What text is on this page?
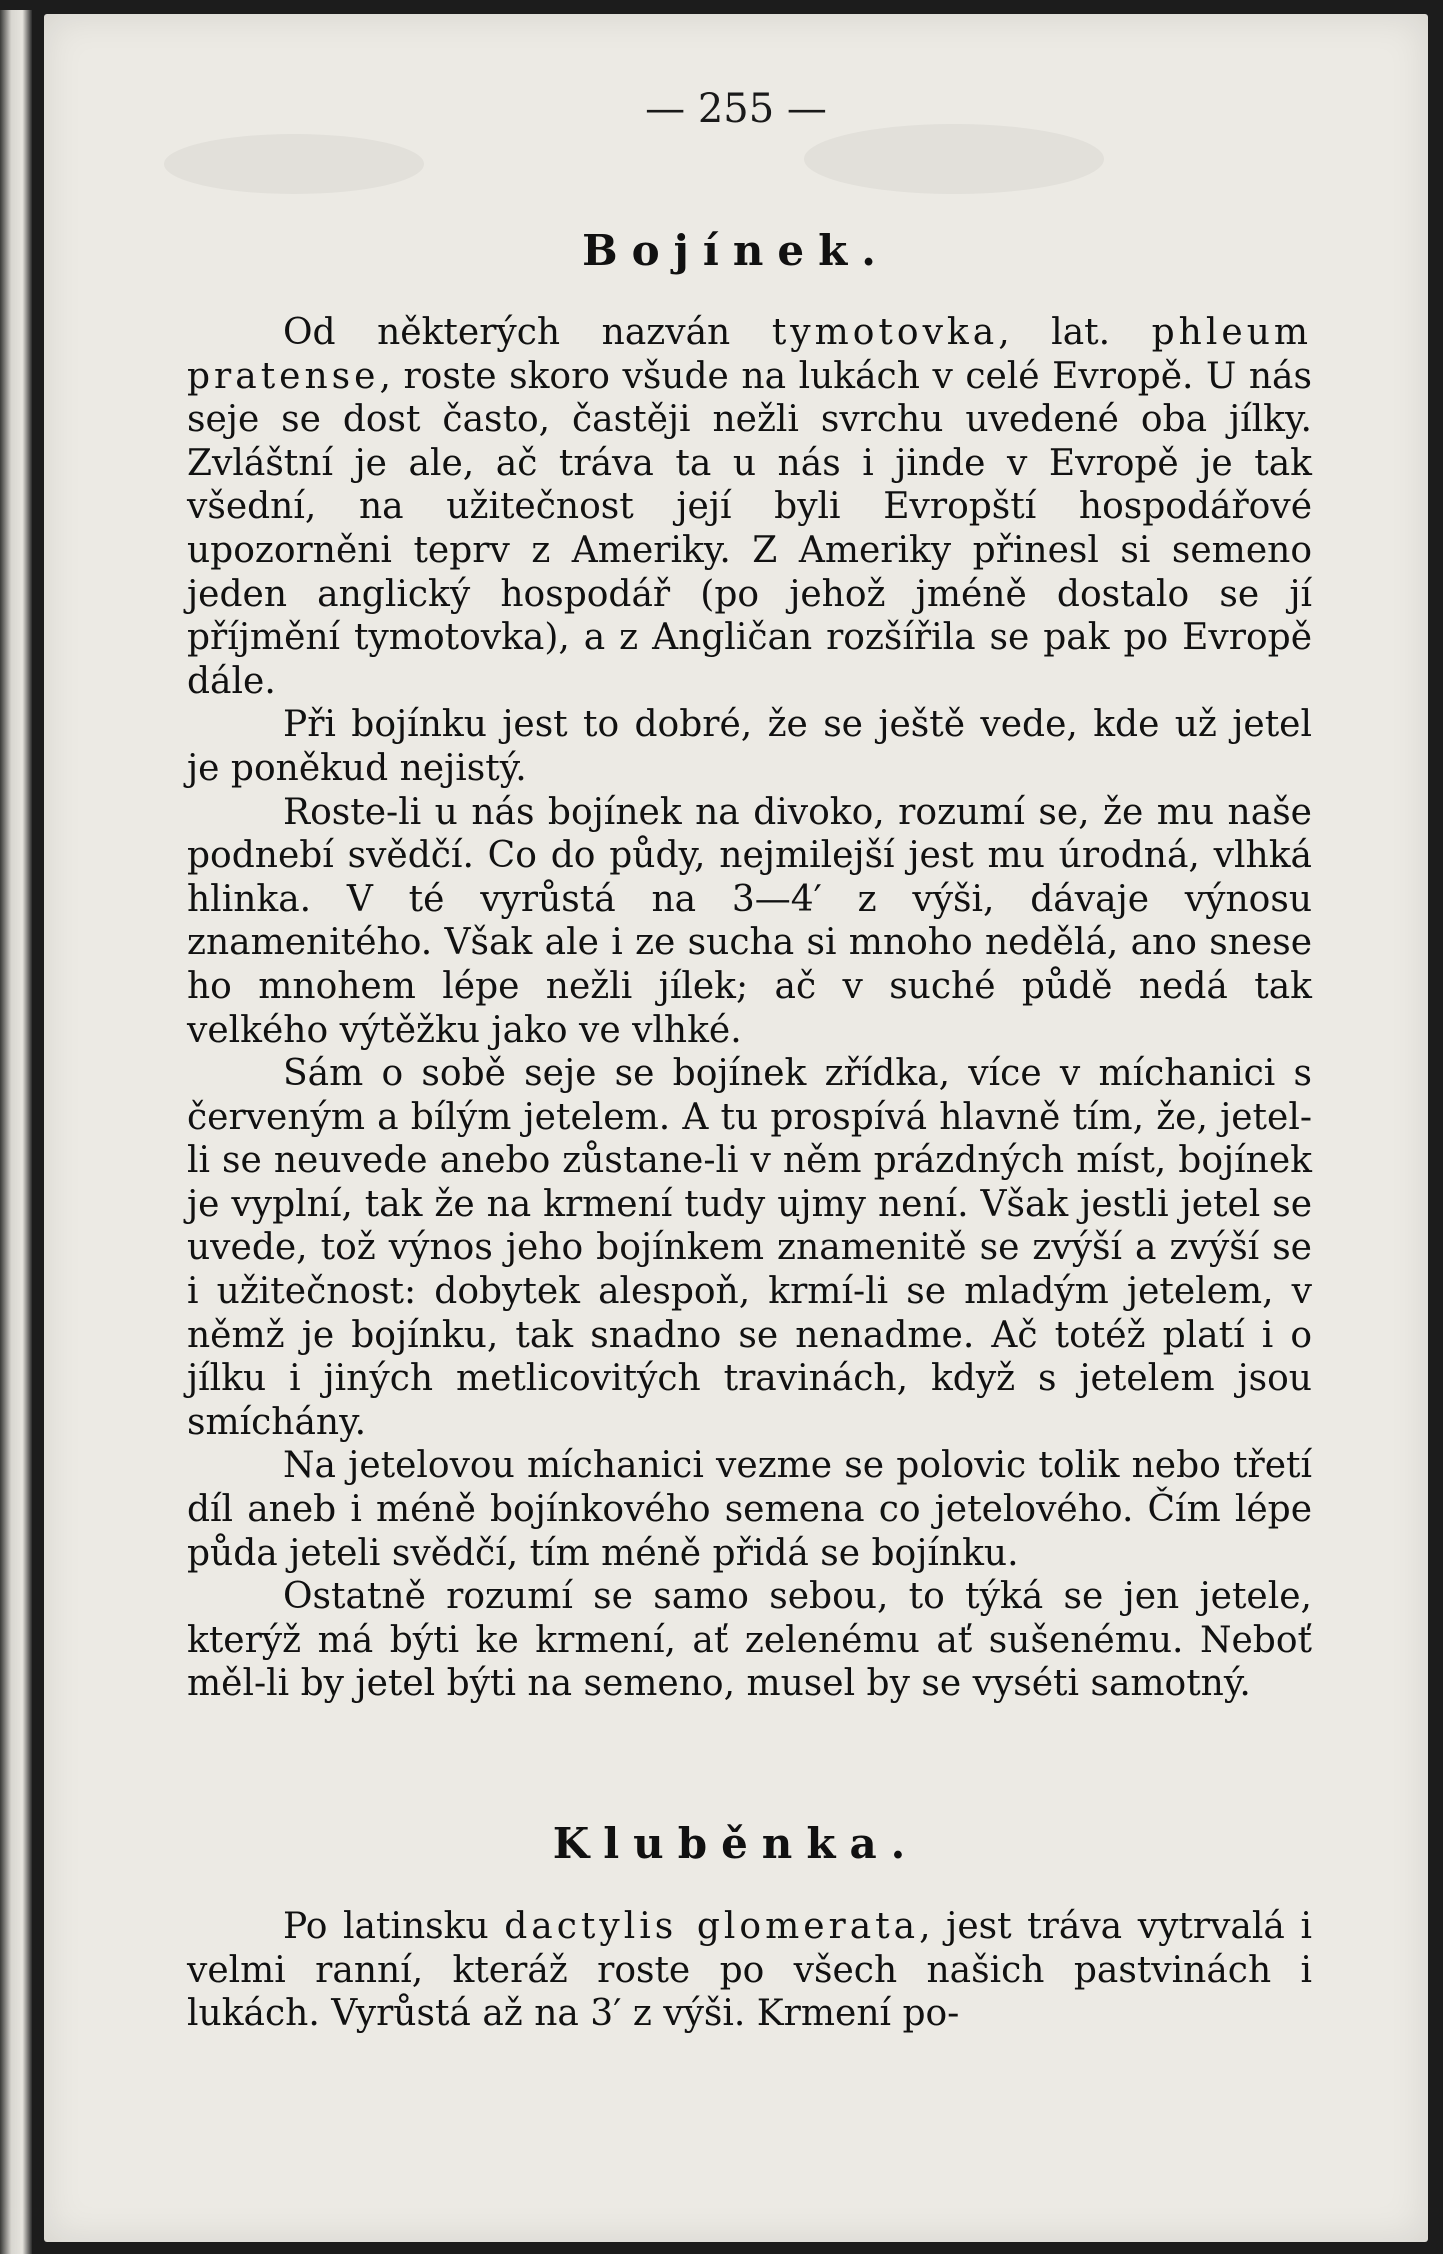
— 255 —
Bojínek.

Od některých nazván tymotovka, lat. phleum pratense, roste skoro všude na lukách v celé Evropě. U nás seje se dost často, častěji nežli svrchu uvedené oba jílky. Zvláštní je ale, ač tráva ta u nás i jinde v Evropě je tak všední, na užitečnost její byli Evropští hospodářové upozorněni teprv z Ameriky. Z Ameriky přinesl si semeno jeden anglický hospodář (po jehož jméně dostalo se jí příjmění tymotovka), a z Angličan rozšířila se pak po Evropě dále.

Při bojínku jest to dobré, že se ještě vede, kde už jetel je poněkud nejistý.

Roste-li u nás bojínek na divoko, rozumí se, že mu naše podnebí svědčí. Co do půdy, nejmilejší jest mu úrodná, vlhká hlinka. V té vyrůstá na 3—4′ z výši, dávaje výnosu znamenitého. Však ale i ze sucha si mnoho nedělá, ano snese ho mnohem lépe nežli jílek; ač v suché půdě nedá tak velkého výtěžku jako ve vlhké.

Sám o sobě seje se bojínek zřídka, více v míchanici s červeným a bílým jetelem. A tu prospívá hlavně tím, že, jetel-li se neuvede anebo zůstane-li v něm prázdných míst, bojínek je vyplní, tak že na krmení tudy ujmy není. Však jestli jetel se uvede, tož výnos jeho bojínkem znamenitě se zvýší a zvýší se i užitečnost: dobytek alespoň, krmí-li se mladým jetelem, v němž je bojínku, tak snadno se nenadme. Ač totéž platí i o jílku i jiných metlicovitých travinách, když s jetelem jsou smíchány.

Na jetelovou míchanici vezme se polovic tolik nebo třetí díl aneb i méně bojínkového semena co jetelového. Čím lépe půda jeteli svědčí, tím méně přidá se bojínku.

Ostatně rozumí se samo sebou, to týká se jen jetele, kterýž má býti ke krmení, ať zelenému ať sušenému. Neboť měl-li by jetel býti na semeno, musel by se vyséti samotný.

Kluběnka.

Po latinsku dactylis glomerata, jest tráva vytrvalá i velmi ranní, kteráž roste po všech našich pastvinách i lukách. Vyrůstá až na 3′ z výši. Krmení po-
